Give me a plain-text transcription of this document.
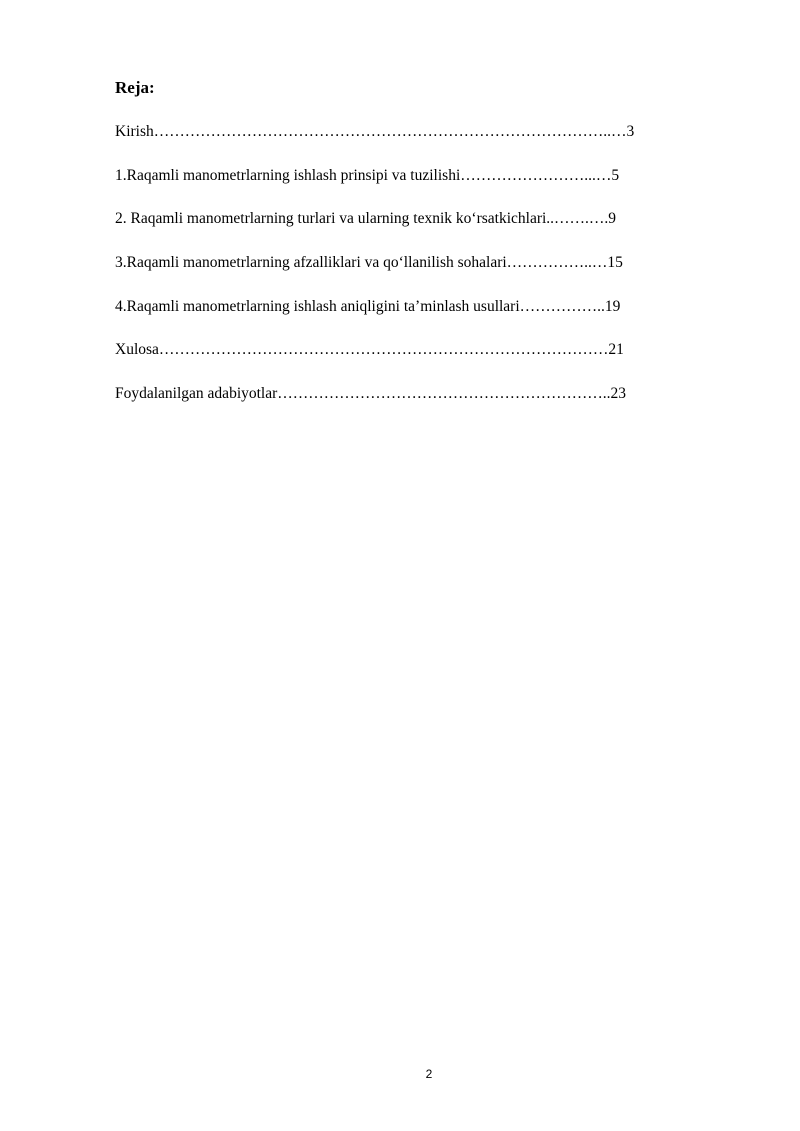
Reja:
Kirish……………………………………………………………………………..…3
1.Raqamli manometrlarning ishlash prinsipi va tuzilishi……………………...…5
2. Raqamli manometrlarning turlari va ularning texnik ko‘rsatkichlari..…….….9
3.Raqamli manometrlarning afzalliklari va qo‘llanilish sohalari……………..…15
4.Raqamli manometrlarning ishlash aniqligini ta’minlash usullari……………..19
Xulosa……………………………………………………………………………21
Foydalanilgan adabiyotlar………………………………………………………..23
2
